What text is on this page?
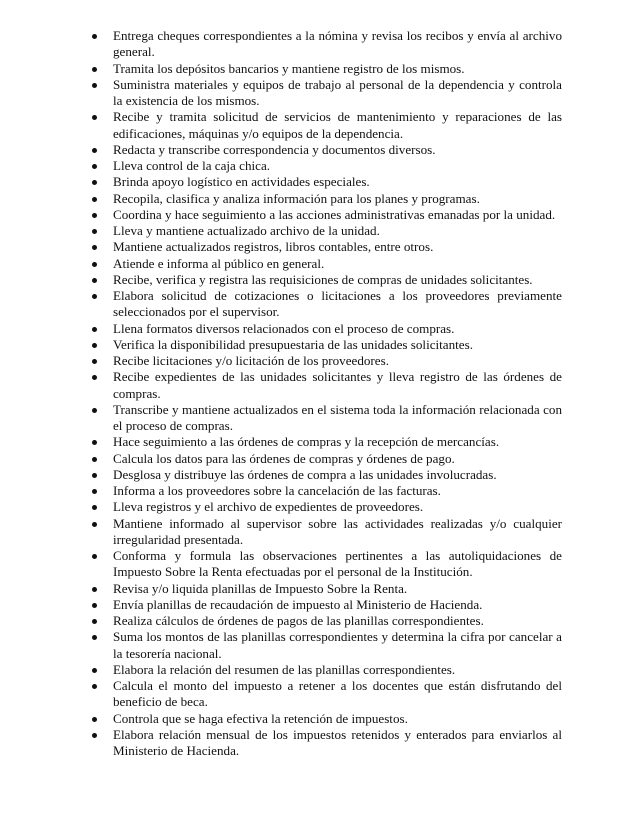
Entrega cheques correspondientes a la nómina y revisa los recibos y envía al archivo general.
Tramita los depósitos bancarios y mantiene registro de los mismos.
Suministra materiales y equipos de trabajo al personal de la dependencia y controla la existencia de los mismos.
Recibe y tramita solicitud de servicios de mantenimiento y reparaciones de las edificaciones, máquinas y/o equipos de la dependencia.
Redacta y transcribe correspondencia y documentos diversos.
Lleva control de la caja chica.
Brinda apoyo logístico en actividades especiales.
Recopila, clasifica y analiza información para los planes y programas.
Coordina y hace seguimiento a las acciones administrativas emanadas por la unidad.
Lleva y mantiene actualizado archivo de la unidad.
Mantiene actualizados registros, libros contables, entre otros.
Atiende e informa al público en general.
Recibe, verifica y registra las requisiciones de compras de unidades solicitantes.
Elabora solicitud de cotizaciones o licitaciones a los proveedores previamente seleccionados por el supervisor.
Llena formatos diversos relacionados con el proceso de compras.
Verifica la disponibilidad presupuestaria de las unidades solicitantes.
Recibe licitaciones y/o licitación de los proveedores.
Recibe expedientes de las unidades solicitantes y lleva registro de las órdenes de compras.
Transcribe y mantiene actualizados en el sistema toda la información relacionada con el proceso de compras.
Hace seguimiento a las órdenes de compras y la recepción de mercancías.
Calcula los datos para las órdenes de compras y órdenes de pago.
Desglosa y distribuye las órdenes de compra a las unidades involucradas.
Informa a los proveedores sobre la cancelación de las facturas.
Lleva registros y el archivo de expedientes de proveedores.
Mantiene informado al supervisor sobre las actividades realizadas y/o cualquier irregularidad presentada.
Conforma y formula las observaciones pertinentes a las autoliquidaciones de Impuesto Sobre la Renta efectuadas por el personal de la Institución.
Revisa y/o liquida planillas de Impuesto Sobre la Renta.
Envía planillas de recaudación de impuesto al Ministerio de Hacienda.
Realiza cálculos de órdenes de pagos de las planillas correspondientes.
Suma los montos de las planillas correspondientes y determina la cifra por cancelar a la tesorería nacional.
Elabora la relación del resumen de las planillas correspondientes.
Calcula el monto del impuesto a retener a los docentes que están disfrutando del beneficio de beca.
Controla que se haga efectiva la retención de impuestos.
Elabora relación mensual de los impuestos retenidos y enterados para enviarlos al Ministerio de Hacienda.
